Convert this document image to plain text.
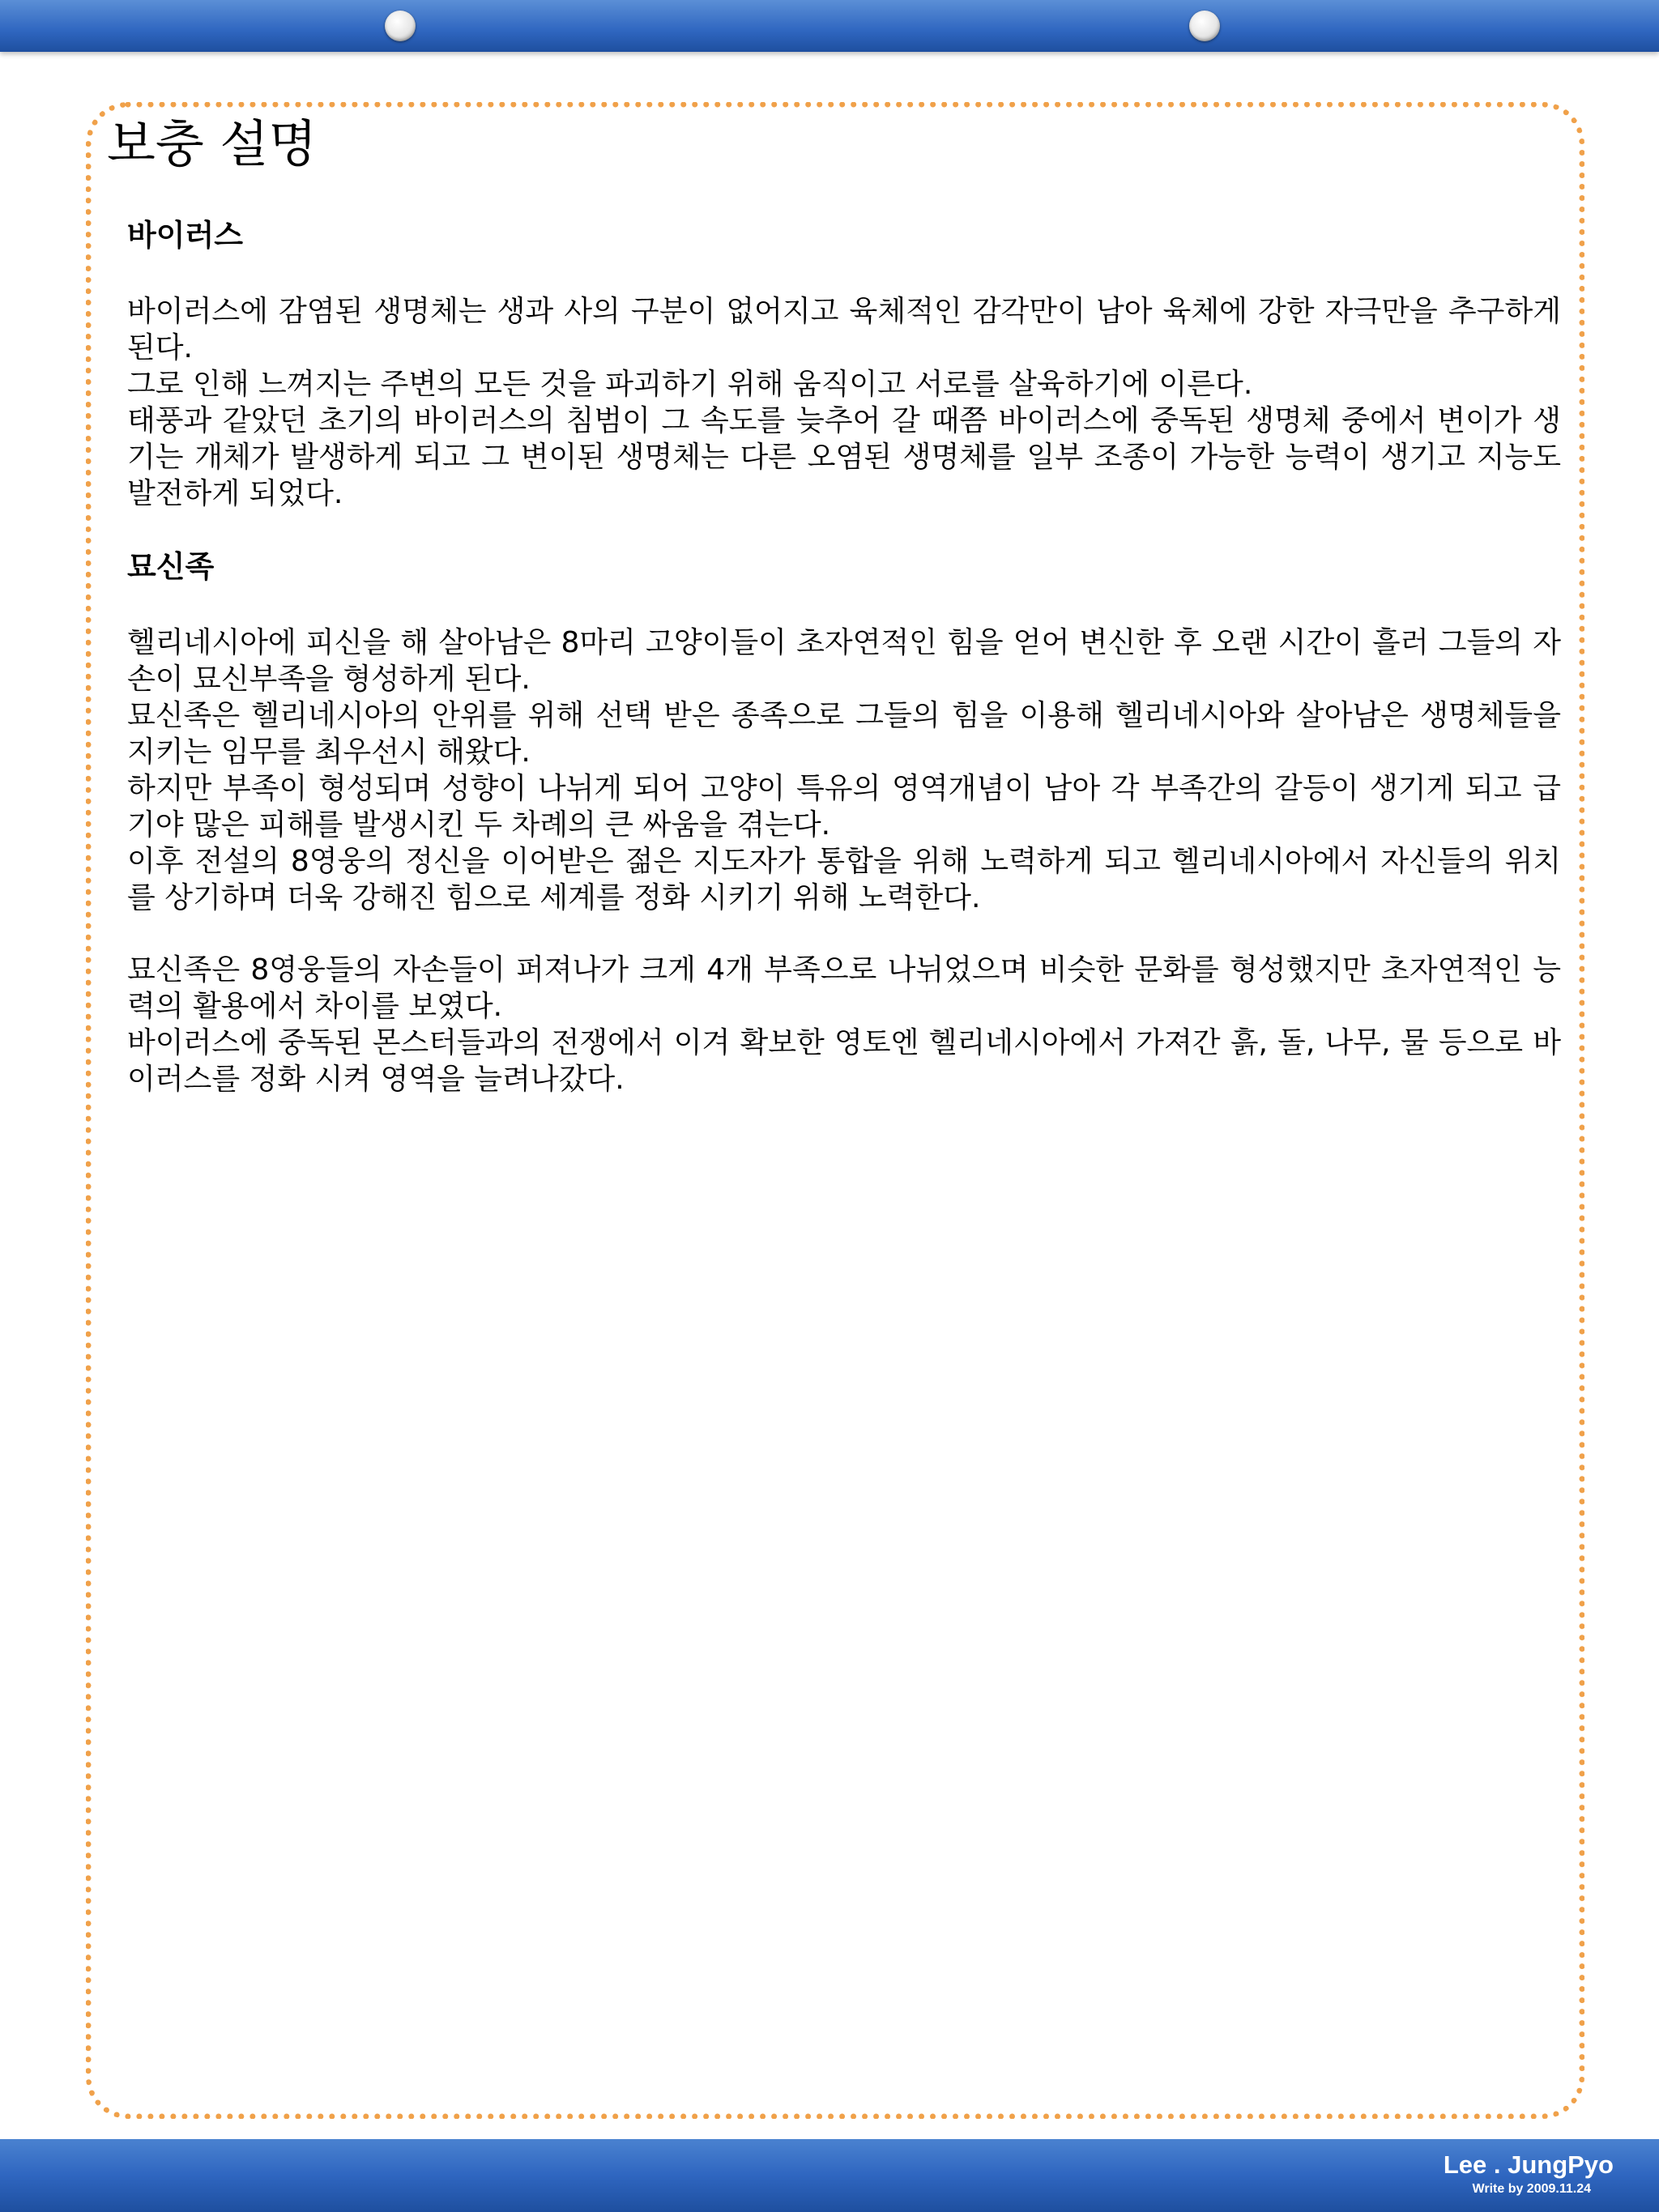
보충 설명
바이러스

바이러스에 감염된 생명체는 생과 사의 구분이 없어지고 육체적인 감각만이 남아 육체에 강한 자극만을 추구하게 된다.

그로 인해 느껴지는 주변의 모든 것을 파괴하기 위해 움직이고 서로를 살육하기에 이른다.

태풍과 같았던 초기의 바이러스의 침범이 그 속도를 늦추어 갈 때쯤 바이러스에 중독된 생명체 중에서 변이가 생기는 개체가 발생하게 되고 그 변이된 생명체는 다른 오염된 생명체를 일부 조종이 가능한 능력이 생기고 지능도 발전하게 되었다.

묘신족

헬리네시아에 피신을 해 살아남은 8마리 고양이들이 초자연적인 힘을 얻어 변신한 후 오랜 시간이 흘러 그들의 자손이 묘신부족을 형성하게 된다.

묘신족은 헬리네시아의 안위를 위해 선택 받은 종족으로 그들의 힘을 이용해 헬리네시아와 살아남은 생명체들을 지키는 임무를 최우선시 해왔다.

하지만 부족이 형성되며 성향이 나뉘게 되어 고양이 특유의 영역개념이 남아 각 부족간의 갈등이 생기게 되고 급기야 많은 피해를 발생시킨 두 차례의 큰 싸움을 겪는다.

이후 전설의 8영웅의 정신을 이어받은 젊은 지도자가 통합을 위해 노력하게 되고 헬리네시아에서 자신들의 위치를 상기하며 더욱 강해진 힘으로 세계를 정화 시키기 위해 노력한다.

묘신족은 8영웅들의 자손들이 퍼져나가 크게 4개 부족으로 나뉘었으며 비슷한 문화를 형성했지만 초자연적인 능력의 활용에서 차이를 보였다.

바이러스에 중독된 몬스터들과의 전쟁에서 이겨 확보한 영토엔 헬리네시아에서 가져간 흙, 돌, 나무, 물 등으로 바이러스를 정화 시켜 영역을 늘려나갔다.

Lee . JungPyo
Write by 2009.11.24
